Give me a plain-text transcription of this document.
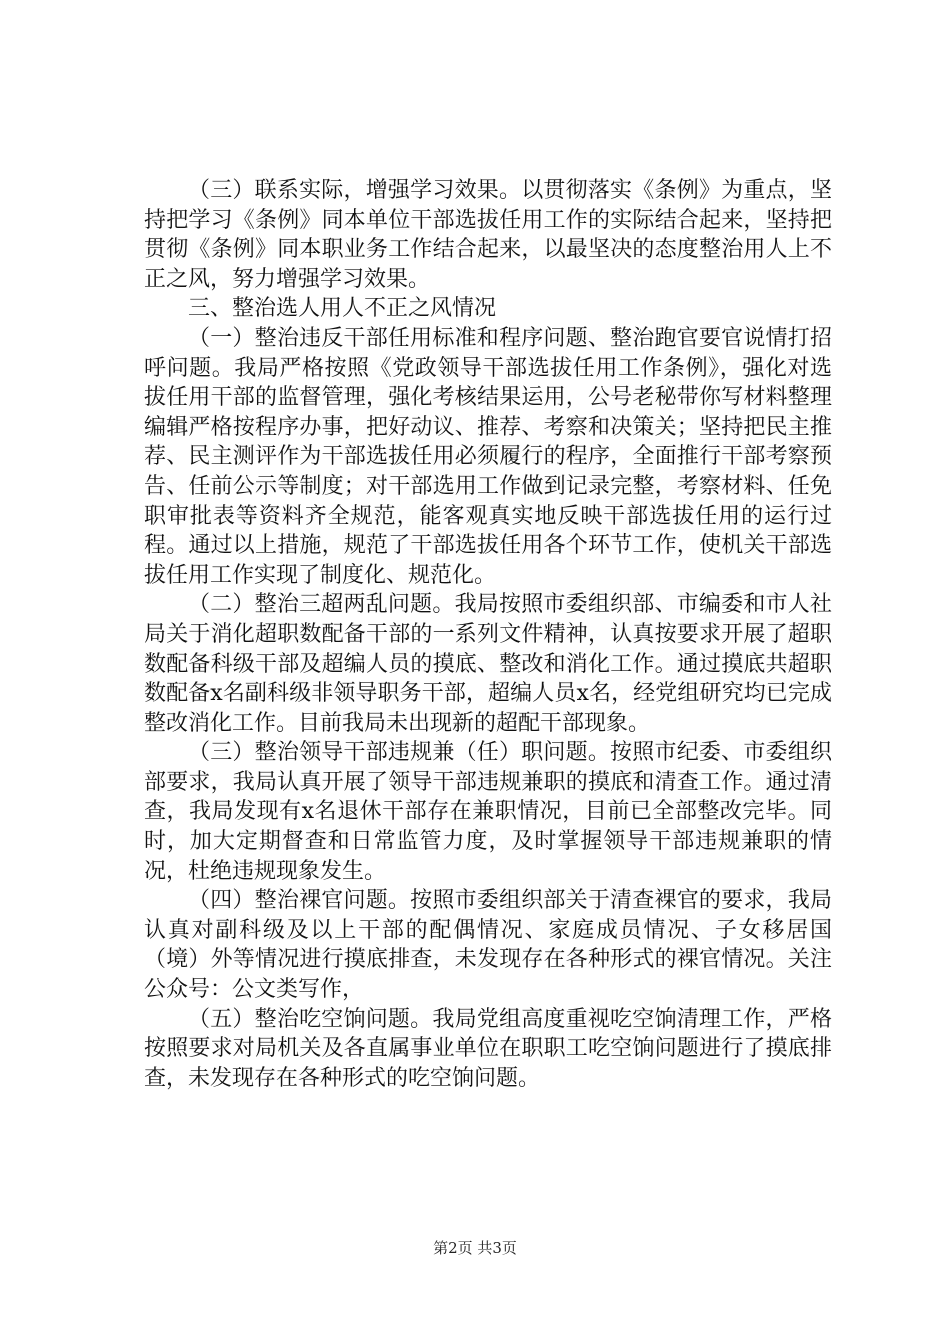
（三）联系实际，增强学习效果。以贯彻落实《条例》为重点，坚持把学习《条例》同本单位干部选拔任用工作的实际结合起来，坚持把贯彻《条例》同本职业务工作结合起来，以最坚决的态度整治用人上不正之风，努力增强学习效果。

三、整治选人用人不正之风情况

（一）整治违反干部任用标准和程序问题、整治跑官要官说情打招呼问题。我局严格按照《党政领导干部选拔任用工作条例》，强化对选拔任用干部的监督管理，强化考核结果运用，公号老秘带你写材料整理编辑严格按程序办事，把好动议、推荐、考察和决策关；坚持把民主推荐、民主测评作为干部选拔任用必须履行的程序，全面推行干部考察预告、任前公示等制度；对干部选用工作做到记录完整，考察材料、任免职审批表等资料齐全规范，能客观真实地反映干部选拔任用的运行过程。通过以上措施，规范了干部选拔任用各个环节工作，使机关干部选拔任用工作实现了制度化、规范化。

（二）整治三超两乱问题。我局按照市委组织部、市编委和市人社局关于消化超职数配备干部的一系列文件精神，认真按要求开展了超职数配备科级干部及超编人员的摸底、整改和消化工作。通过摸底共超职数配备x名副科级非领导职务干部，超编人员x名，经党组研究均已完成整改消化工作。目前我局未出现新的超配干部现象。

（三）整治领导干部违规兼（任）职问题。按照市纪委、市委组织部要求，我局认真开展了领导干部违规兼职的摸底和清查工作。通过清查，我局发现有x名退休干部存在兼职情况，目前已全部整改完毕。同时，加大定期督查和日常监管力度，及时掌握领导干部违规兼职的情况，杜绝违规现象发生。

（四）整治裸官问题。按照市委组织部关于清查裸官的要求，我局认真对副科级及以上干部的配偶情况、家庭成员情况、子女移居国（境）外等情况进行摸底排查，未发现存在各种形式的裸官情况。关注公众号：公文类写作，

（五）整治吃空饷问题。我局党组高度重视吃空饷清理工作，严格按照要求对局机关及各直属事业单位在职职工吃空饷问题进行了摸底排查，未发现存在各种形式的吃空饷问题。

第2页 共3页
